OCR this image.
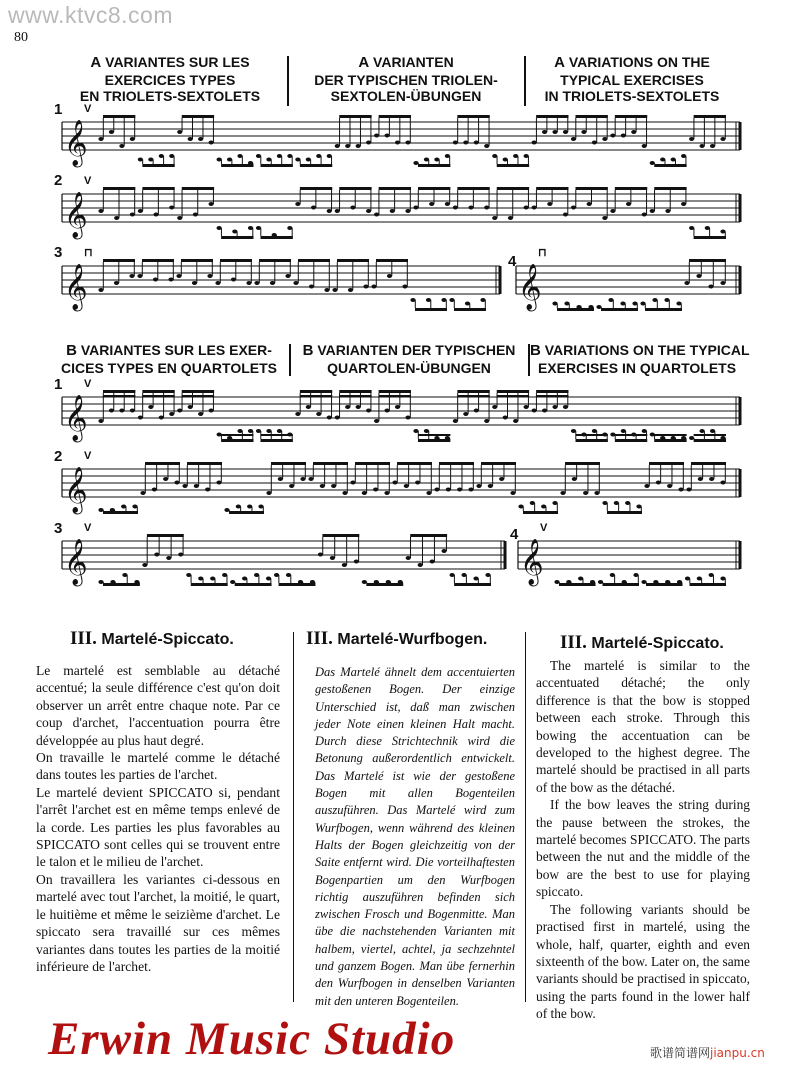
www.ktvc8.com
80
A VARIANTES SUR LES
EXERCICES TYPES
EN TRIOLETS-SEXTOLETS
A VARIANTEN
DER TYPISCHEN TRIOLEN-
SEXTOLEN-ÜBUNGEN
A VARIATIONS ON THE
TYPICAL EXERCISES
IN TRIOLETS-SEXTOLETS
1
2
3
4
𝄞
V
𝄞
V
𝄞
⊓
𝄞
⊓
B VARIANTES SUR LES EXER-
CICES TYPES EN QUARTOLETS
B VARIANTEN DER TYPISCHEN
QUARTOLEN-ÜBUNGEN
B VARIATIONS ON THE TYPICAL
EXERCISES IN QUARTOLETS
1
2
3	4
𝄞
V
𝄞
V
𝄞
V
𝄞
V
III. Martelé-Spiccato.	III. Martelé-Wurfbogen.	III. Martelé-Spiccato.

Le martelé est semblable au détaché accentué; la seule différence c'est qu'on doit observer un arrêt entre chaque note. Par ce coup d'archet, l'accentuation pourra être développée au plus haut degré.

On travaille le martelé comme le détaché dans toutes les parties de l'archet.

Le martelé devient SPICCATO si, pendant l'arrêt l'archet est en même temps enlevé de la corde. Les parties les plus favorables au SPICCATO sont celles qui se trouvent entre le talon et le milieu de l'archet.

On travaillera les variantes ci-dessous en martelé avec tout l'archet, la moitié, le quart, le huitième et même le seizième d'archet. Le spiccato sera travaillé sur ces mêmes variantes dans toutes les parties de la moitié inférieure de l'archet.

Das Martelé ähnelt dem accentuierten gestoßenen Bogen. Der einzige Unterschied ist, daß man zwischen jeder Note einen kleinen Halt macht. Durch diese Strichtechnik wird die Betonung außerordentlich entwickelt. Das Martelé ist wie der gestoßene Bogen mit allen Bogenteilen auszuführen. Das Martelé wird zum Wurfbogen, wenn während des kleinen Halts der Bogen gleichzeitig von der Saite entfernt wird. Die vorteilhaftesten Bogenpartien um den Wurfbogen richtig auszuführen befinden sich zwischen Frosch und Bogenmitte. Man übe die nachstehenden Varianten mit halbem, viertel, achtel, ja sechzehntel und ganzem Bogen. Man übe fernerhin den Wurfbogen in denselben Varianten mit den unteren Bogenteilen.

The martelé is similar to the accentuated détaché; the only difference is that the bow is stopped between each stroke. Through this bowing the accentuation can be developed to the highest degree. The martelé should be practised in all parts of the bow as the détaché.

If the bow leaves the string during the pause between the strokes, the martelé becomes SPICCATO. The parts between the nut and the middle of the bow are the best to use for playing spiccato.

The following variants should be practised first in martelé, using the whole, half, quarter, eighth and even sixteenth of the bow. Later on, the same variants should be practised in spiccato, using the parts found in the lower half of the bow.

Erwin Music Studio	歌谱简谱网jianpu.cn
